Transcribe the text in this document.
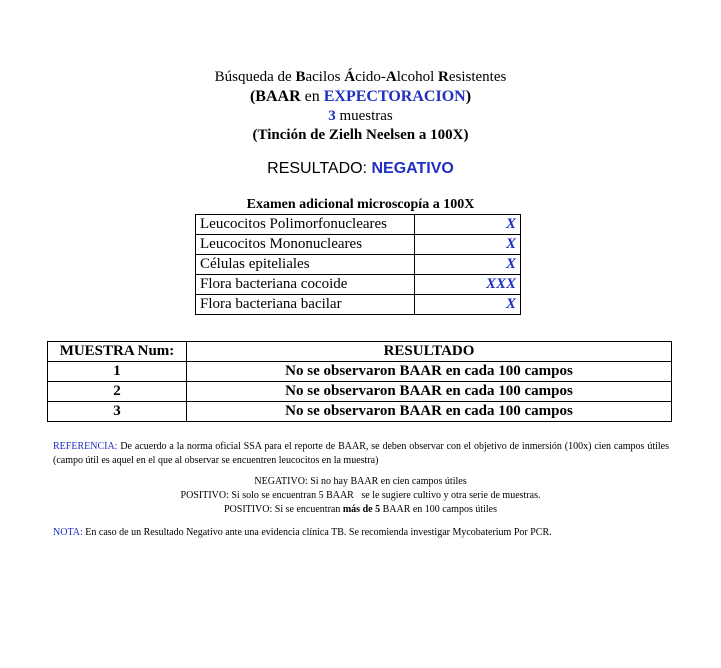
Búsqueda de Bacilos Ácido-Alcohol Resistentes
(BAAR en EXPECTORACION)
3 muestras
(Tinción de Zielh Neelsen a 100X)
RESULTADO: NEGATIVO
Examen adicional microscopía a 100X
Leucocitos Polimorfonucleares	X
Leucocitos Mononucleares	X
Células epiteliales	X
Flora bacteriana cocoide	XXX
Flora bacteriana bacilar	X
MUESTRA Num:	RESULTADO
1	No se observaron BAAR en cada 100 campos
2	No se observaron BAAR en cada 100 campos
3	No se observaron BAAR en cada 100 campos
REFERENCIA: De acuerdo a la norma oficial SSA para el reporte de BAAR, se deben observar con el objetivo de inmersión (100x) cien campos útiles (campo útil es aquel en el que al observar se encuentren leucocitos en la muestra)
NEGATIVO: Si no hay BAAR en cien campos útiles
POSITIVO: Si solo se encuentran 5 BAAR   se le sugiere cultivo y otra serie de muestras.
POSITIVO: Si se encuentran más de 5 BAAR en 100 campos útiles
NOTA: En caso de un Resultado Negativo ante una evidencia clínica TB. Se recomienda investigar Mycobaterium Por PCR.
